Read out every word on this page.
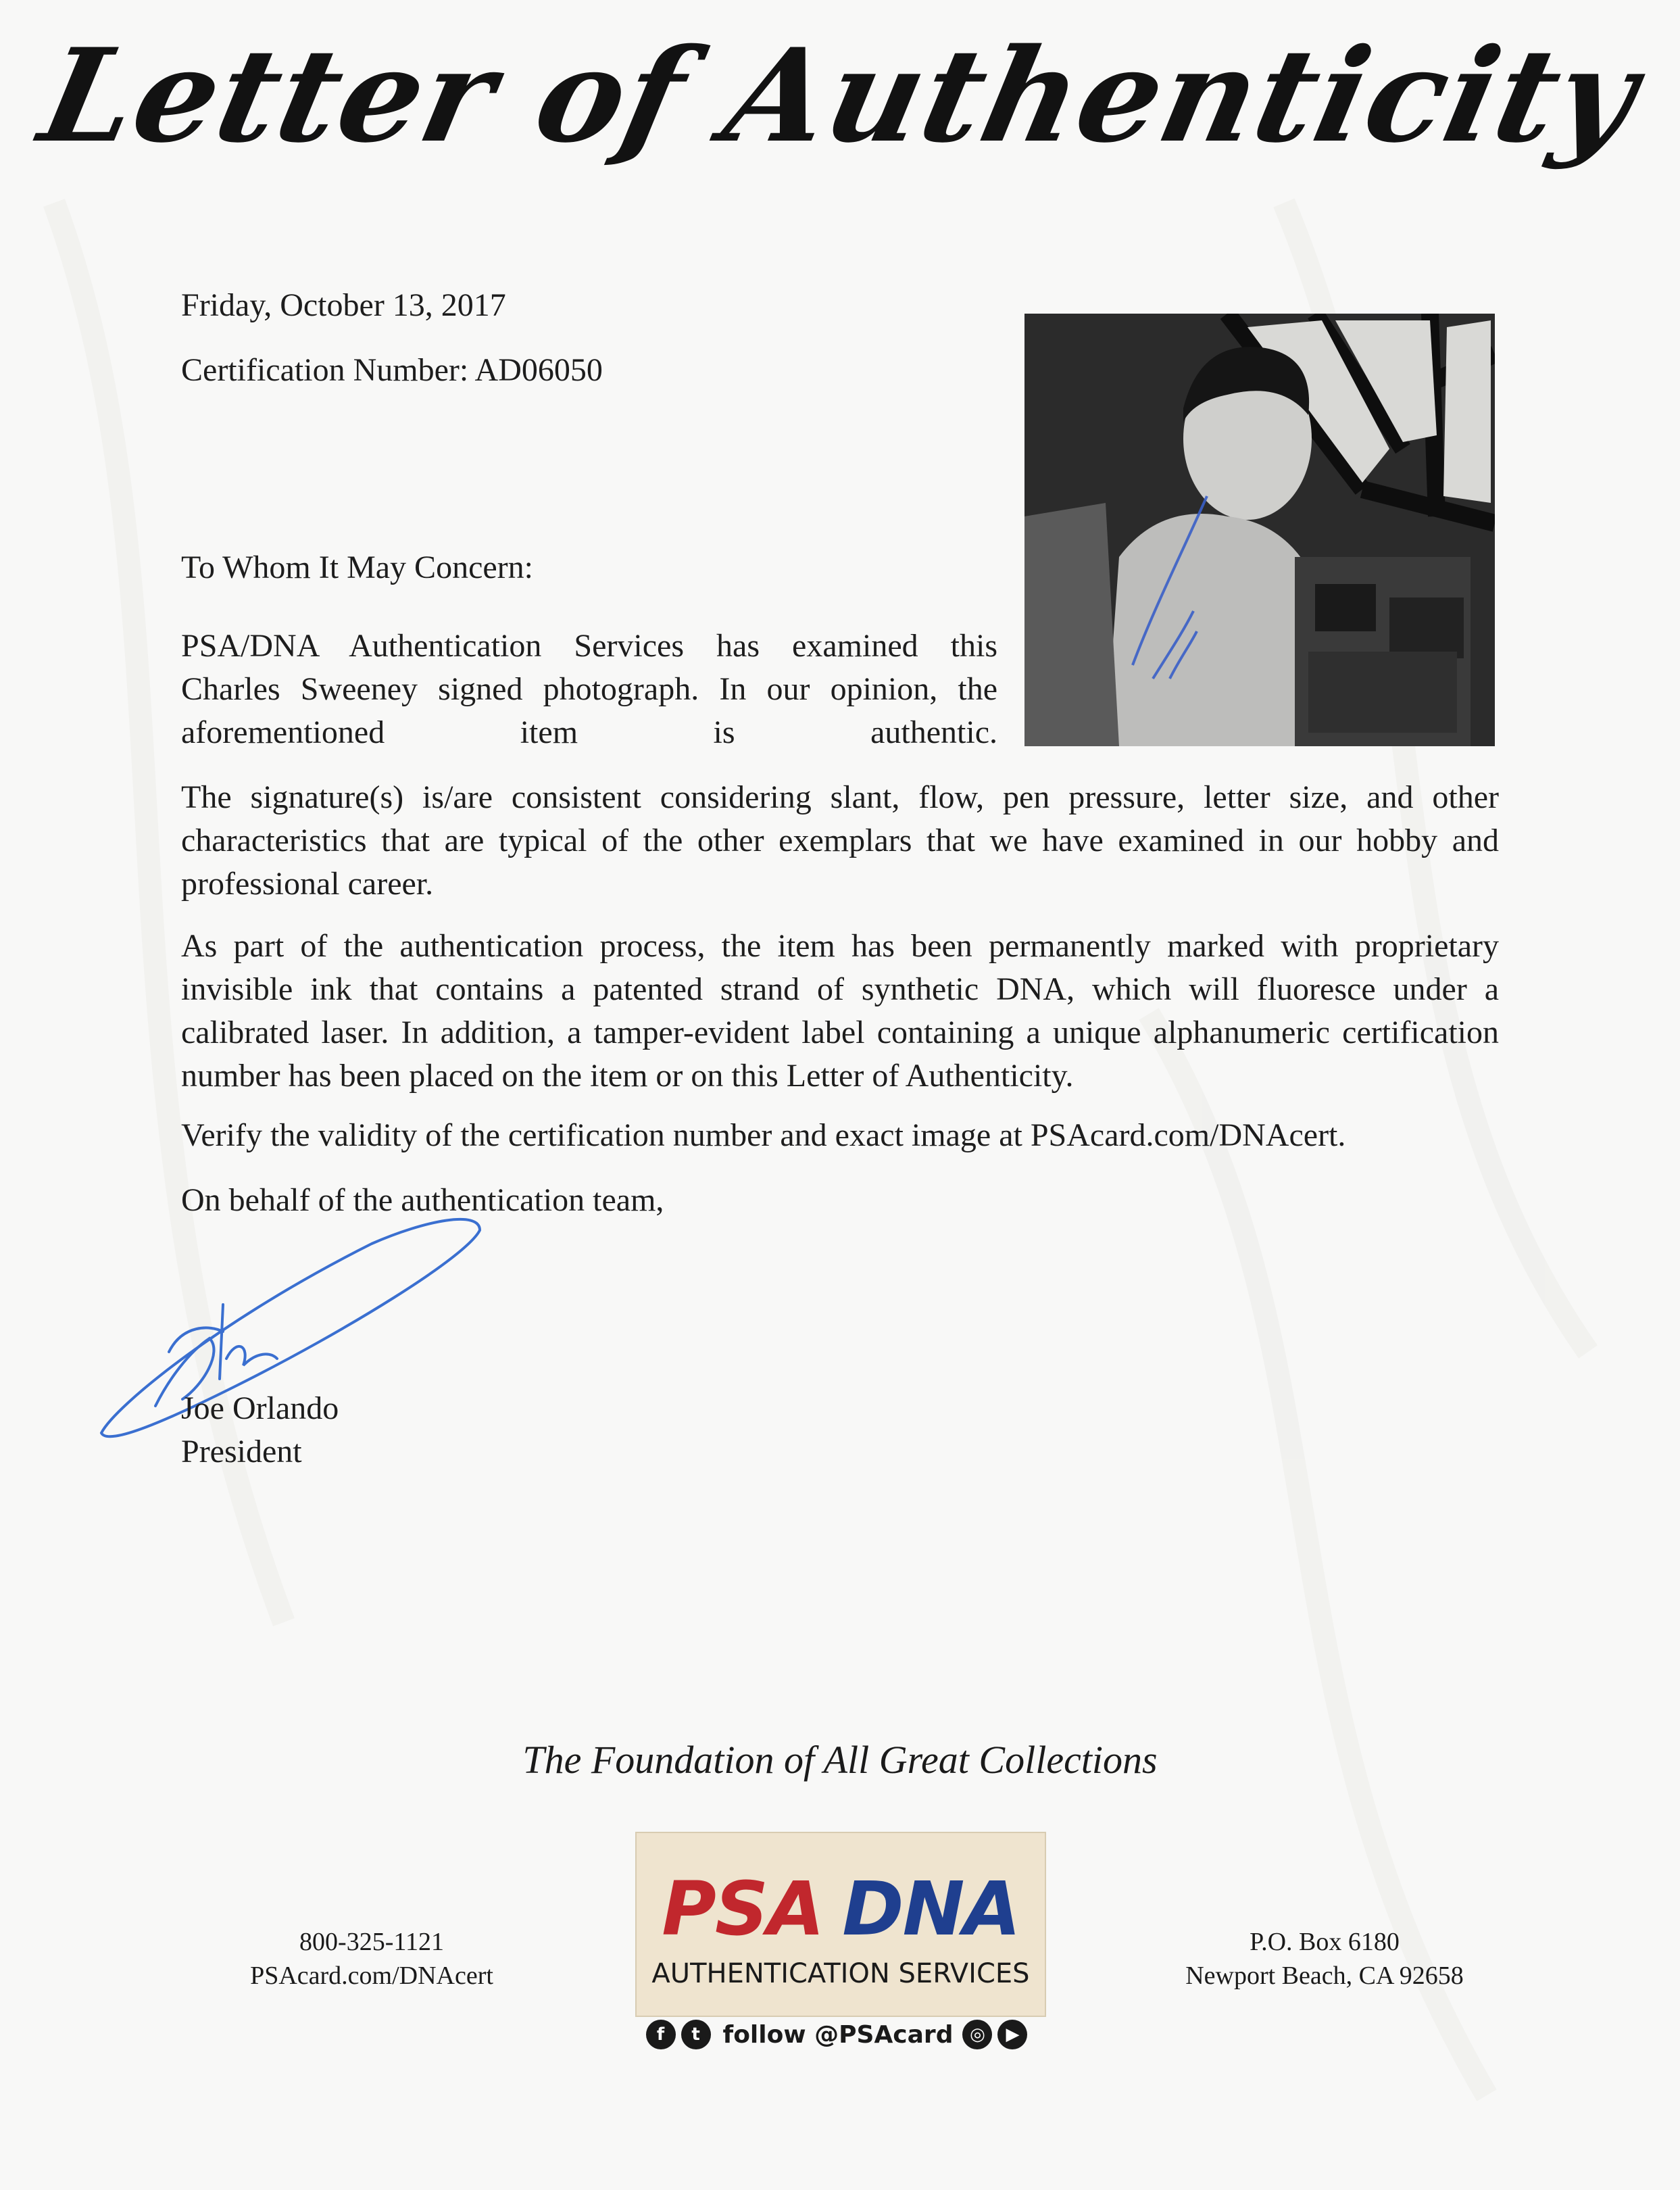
Letter of Authenticity
Friday, October 13, 2017
Certification Number: AD06050
To Whom It May Concern:
PSA/DNA Authentication Services has examined this
Charles Sweeney signed photograph. In our opinion, the
aforementioned item is authentic.
The signature(s) is/are consistent considering slant, flow, pen pressure, letter size, and other characteristics that are typical of the other exemplars that we have examined in our hobby and professional career.
As part of the authentication process, the item has been permanently marked with proprietary invisible ink that contains a patented strand of synthetic DNA, which will fluoresce under a calibrated laser. In addition, a tamper-evident label containing a unique alphanumeric certification number has been placed on the item or on this Letter of Authenticity.
Verify the validity of the certification number and exact image at PSAcard.com/DNAcert.
On behalf of the authentication team,
Joe Orlando
President
The Foundation of All Great Collections
800-325-1121
PSAcard.com/DNAcert
PSA DNA
AUTHENTICATION SERVICES
f	t follow @PSAcard ◎	▶
P.O. Box 6180
Newport Beach, CA 92658
